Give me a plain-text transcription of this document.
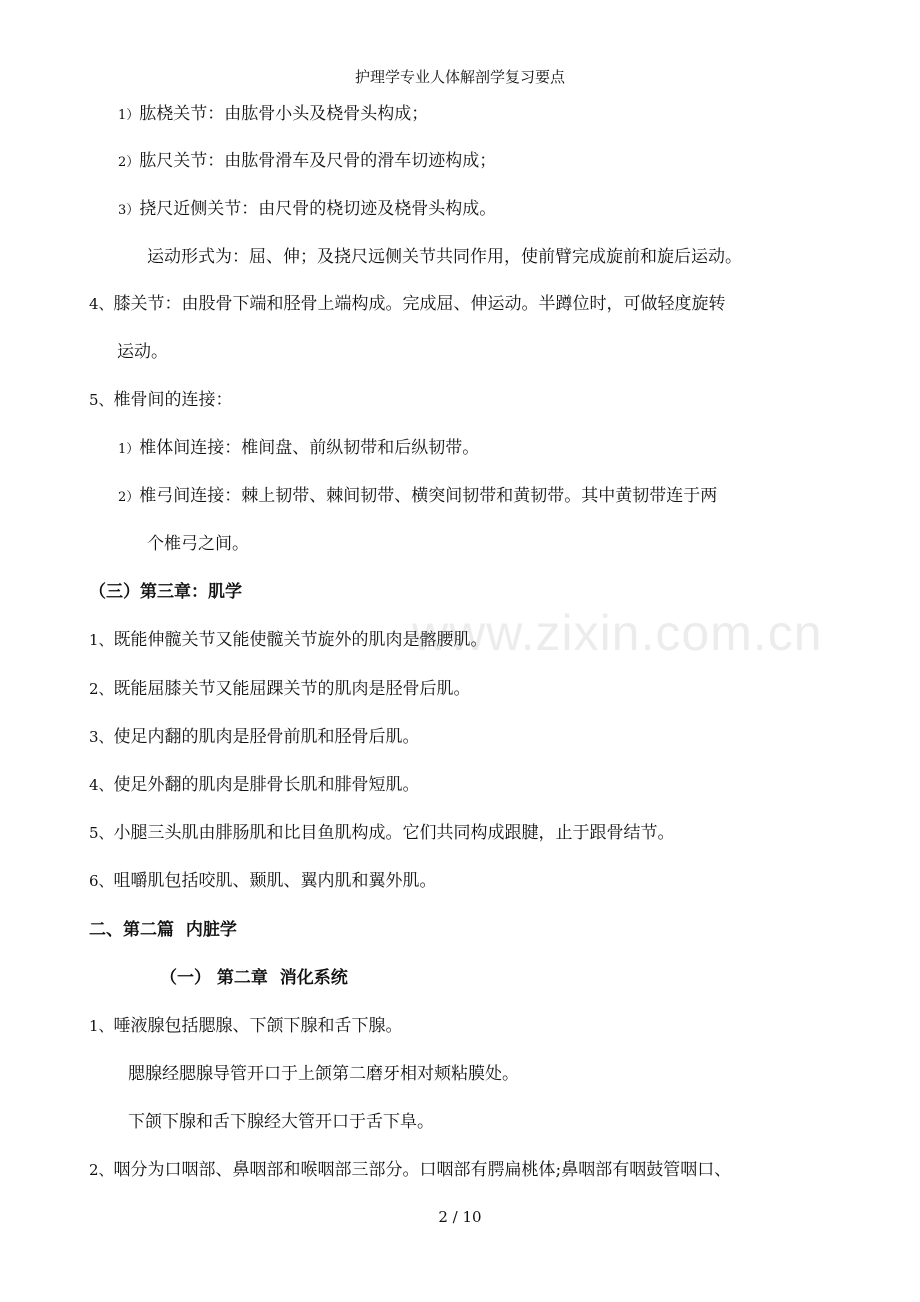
护理学专业人体解剖学复习要点
www.zixin.com.cn
1）肱桡关节：由肱骨小头及桡骨头构成；
2）肱尺关节：由肱骨滑车及尺骨的滑车切迹构成；
3）挠尺近侧关节：由尺骨的桡切迹及桡骨头构成。
运动形式为：屈、伸；及挠尺远侧关节共同作用，使前臂完成旋前和旋后运动。
4、膝关节：由股骨下端和胫骨上端构成。完成屈、伸运动。半蹲位时，可做轻度旋转
运动。
5、椎骨间的连接：
1）椎体间连接：椎间盘、前纵韧带和后纵韧带。
2）椎弓间连接：棘上韧带、棘间韧带、横突间韧带和黄韧带。其中黄韧带连于两
个椎弓之间。
（三）第三章：肌学
1、既能伸髋关节又能使髋关节旋外的肌肉是髂腰肌。
2、既能屈膝关节又能屈踝关节的肌肉是胫骨后肌。
3、使足内翻的肌肉是胫骨前肌和胫骨后肌。
4、使足外翻的肌肉是腓骨长肌和腓骨短肌。
5、小腿三头肌由腓肠肌和比目鱼肌构成。它们共同构成跟腱，止于跟骨结节。
6、咀嚼肌包括咬肌、颞肌、翼内肌和翼外肌。
二、第二篇  内脏学
（一） 第二章  消化系统
1、唾液腺包括腮腺、下颌下腺和舌下腺。
腮腺经腮腺导管开口于上颌第二磨牙相对颊粘膜处。
下颌下腺和舌下腺经大管开口于舌下阜。
2、咽分为口咽部、鼻咽部和喉咽部三部分。口咽部有腭扁桃体;鼻咽部有咽鼓管咽口、
2 / 10
